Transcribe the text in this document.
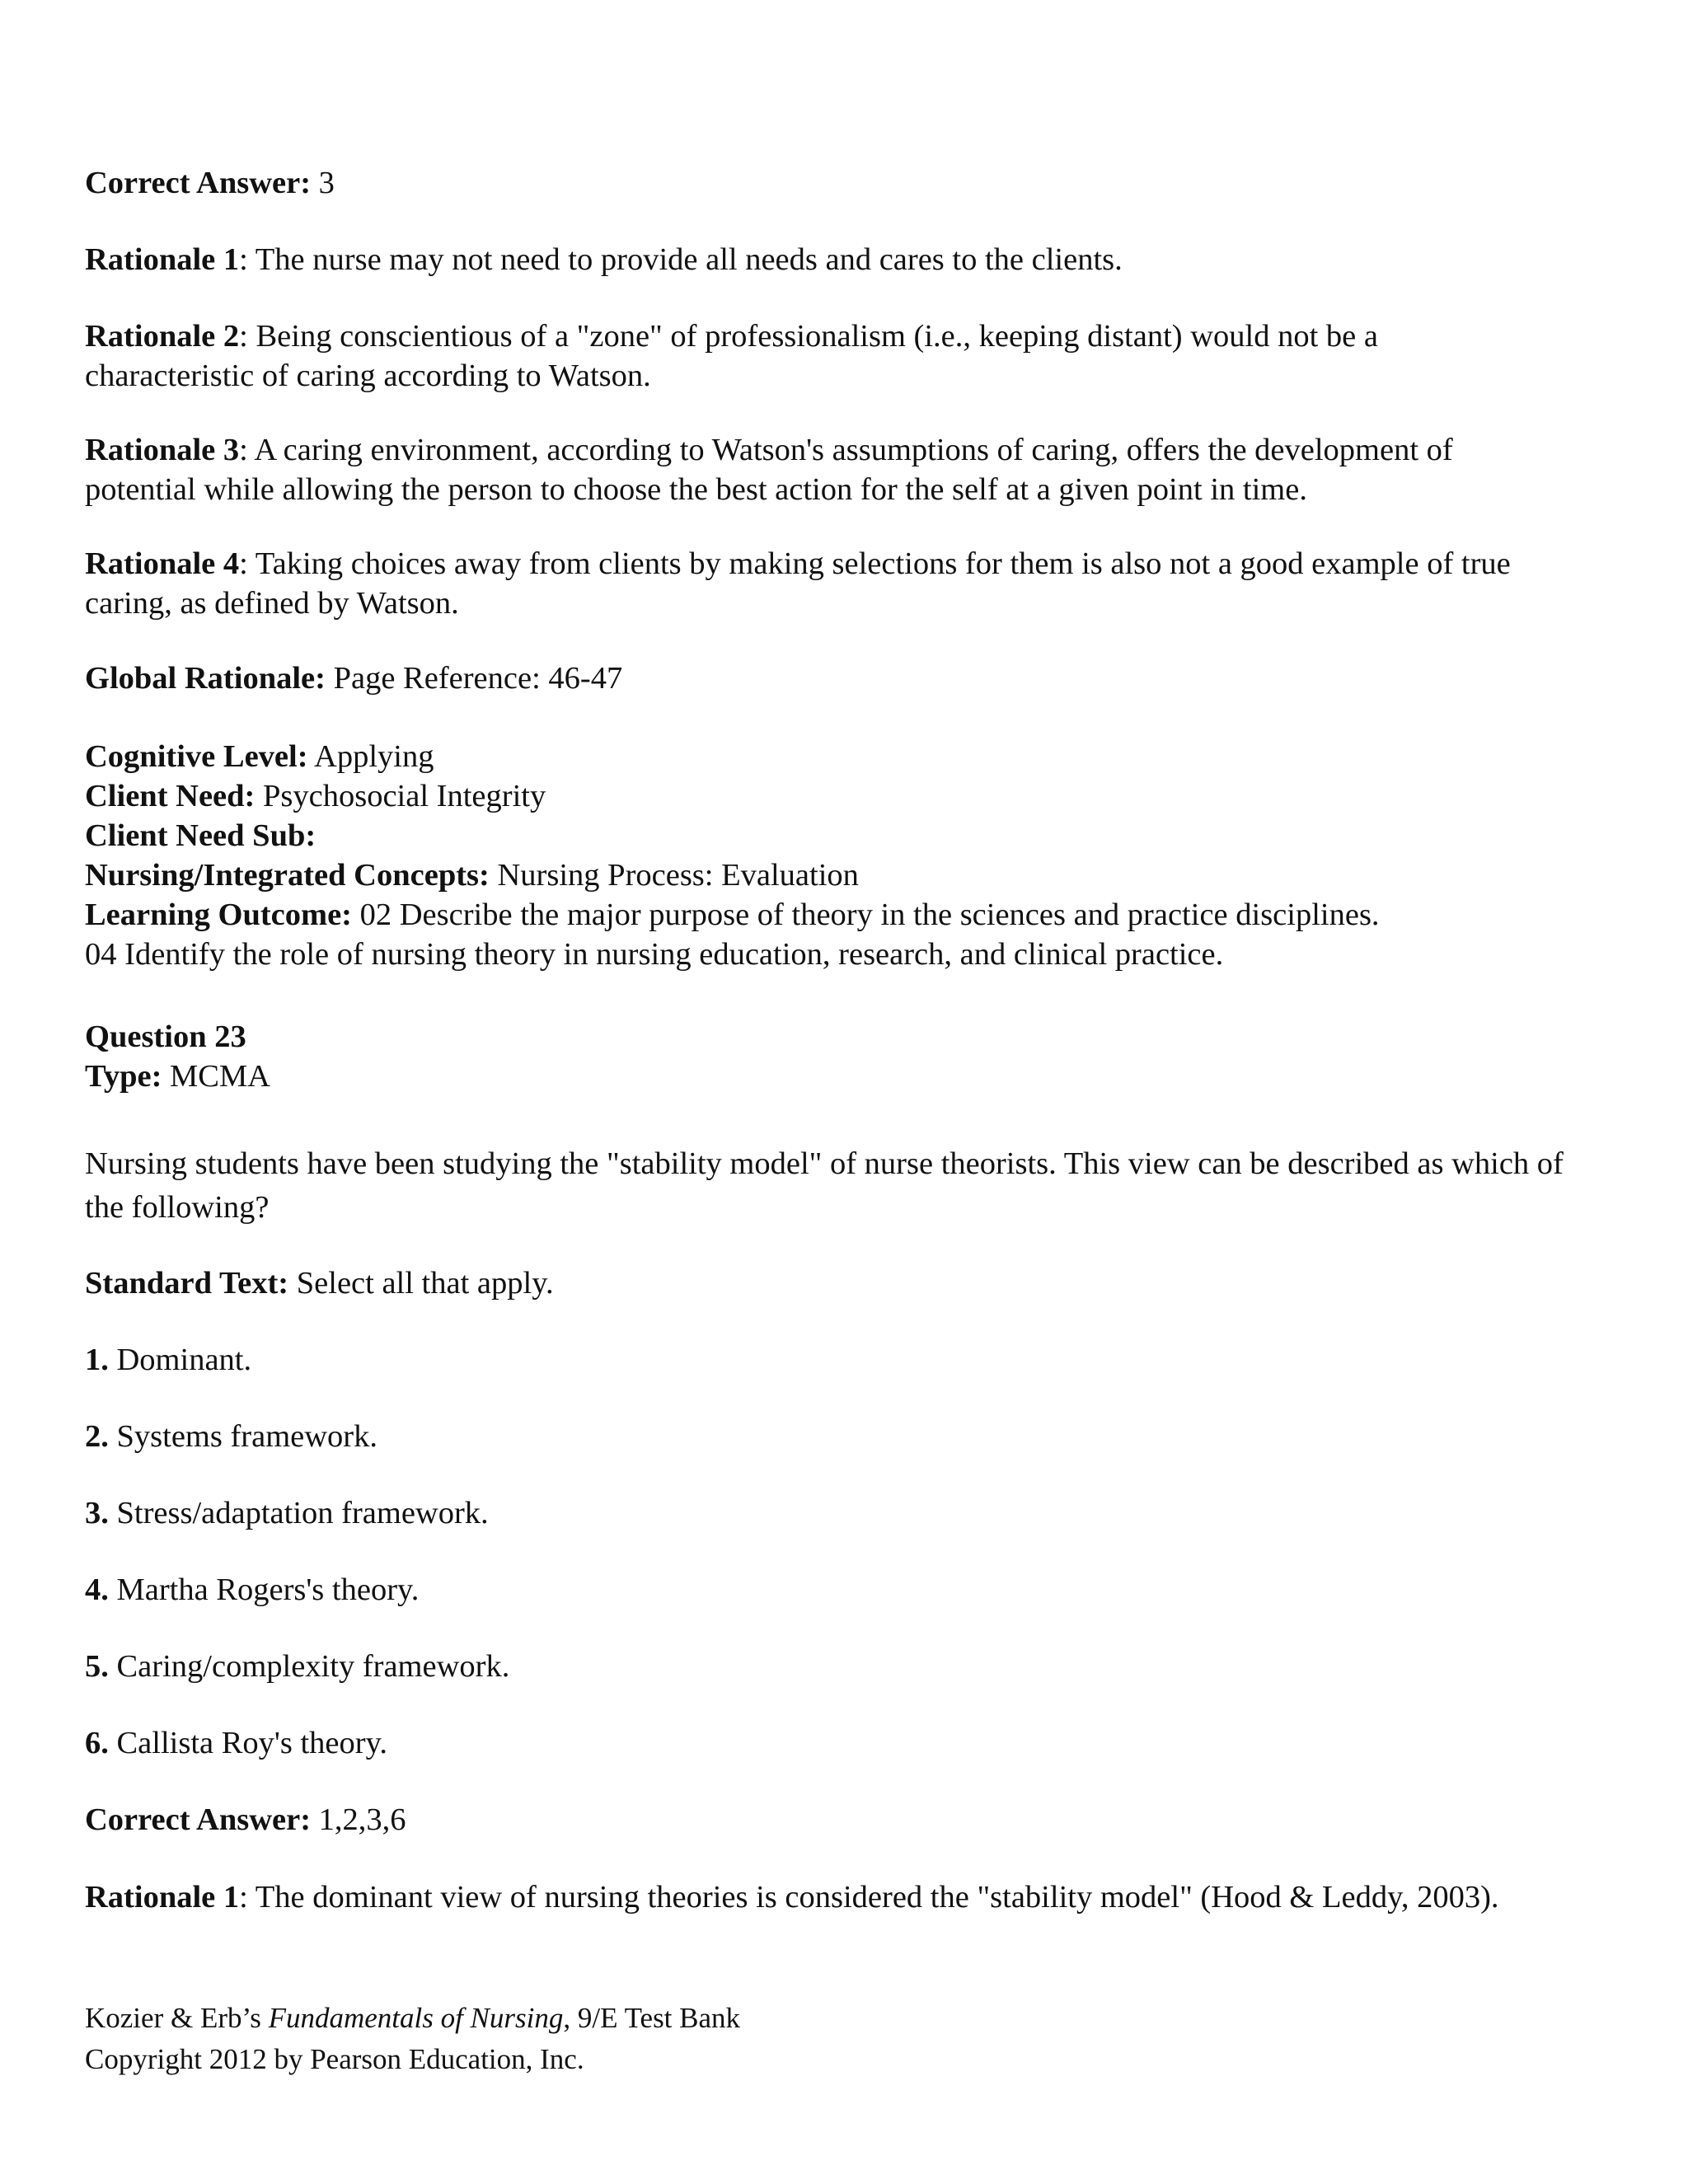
Correct Answer: 3

Rationale 1: The nurse may not need to provide all needs and cares to the clients.

Rationale 2: Being conscientious of a "zone" of professionalism (i.e., keeping distant) would not be a characteristic of caring according to Watson.

Rationale 3: A caring environment, according to Watson's assumptions of caring, offers the development of potential while allowing the person to choose the best action for the self at a given point in time.

Rationale 4: Taking choices away from clients by making selections for them is also not a good example of true caring, as defined by Watson.

Global Rationale: Page Reference: 46-47

Cognitive Level: Applying
Client Need: Psychosocial Integrity
Client Need Sub:
Nursing/Integrated Concepts: Nursing Process: Evaluation
Learning Outcome: 02 Describe the major purpose of theory in the sciences and practice disciplines.
04 Identify the role of nursing theory in nursing education, research, and clinical practice.
Question 23
Type: MCMA

Nursing students have been studying the "stability model" of nurse theorists. This view can be described as which of the following?

Standard Text: Select all that apply.

1. Dominant.

2. Systems framework.

3. Stress/adaptation framework.

4. Martha Rogers's theory.

5. Caring/complexity framework.

6. Callista Roy's theory.

Correct Answer: 1,2,3,6

Rationale 1: The dominant view of nursing theories is considered the "stability model" (Hood & Leddy, 2003).

Kozier & Erb’s Fundamentals of Nursing, 9/E Test Bank
Copyright 2012 by Pearson Education, Inc.
